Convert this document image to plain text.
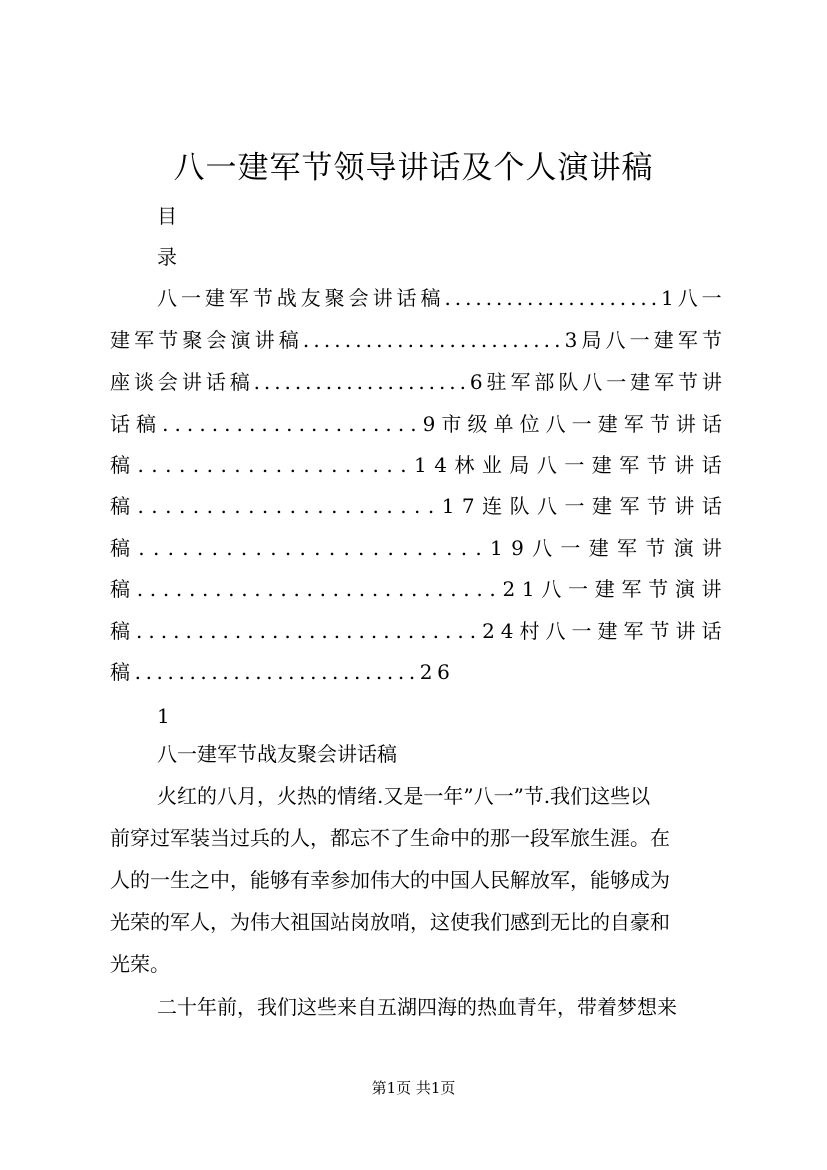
八一建军节领导讲话及个人演讲稿
目
录
八 一 建 军 节 战 友 聚 会 讲 话 稿 . . . . . . . . . . . . . . . . . . . . . 1 八 一
建 军 节 聚 会 演 讲 稿 . . . . . . . . . . . . . . . . . . . . . . . . . 3 局 八 一 建 军 节
座 谈 会 讲 话 稿 . . . . . . . . . . . . . . . . . . . . . 6 驻 军 部 队 八 一 建 军 节 讲
话 稿 . . . . . . . . . . . . . . . . . . . . . 9 市 级 单 位 八 一 建 军 节 讲 话
稿 . . . . . . . . . . . . . . . . . . . . 1 4 林 业 局 八 一 建 军 节 讲 话
稿 . . . . . . . . . . . . . . . . . . . . . . 1 7 连 队 八 一 建 军 节 讲 话
稿 . . . . . . . . . . . . . . . . . . . . . . . . 1 9 八 一 建 军 节 演 讲
稿 . . . . . . . . . . . . . . . . . . . . . . . . . . . . 2 1 八 一 建 军 节 演 讲
稿 . . . . . . . . . . . . . . . . . . . . . . . . . . . . 2 4 村 八 一 建 军 节 讲 话
稿 . . . . . . . . . . . . . . . . . . . . . . . . . . 2 6
1
八一建军节战友聚会讲话稿
火红的八月，火热的情绪.又是一年”八一”节.我们这些以
前穿过军装当过兵的人，都忘不了生命中的那一段军旅生涯。在
人的一生之中，能够有幸参加伟大的中国人民解放军，能够成为
光荣的军人，为伟大祖国站岗放哨，这使我们感到无比的自豪和
光荣。
二十年前，我们这些来自五湖四海的热血青年，带着梦想来
第1页 共1页
